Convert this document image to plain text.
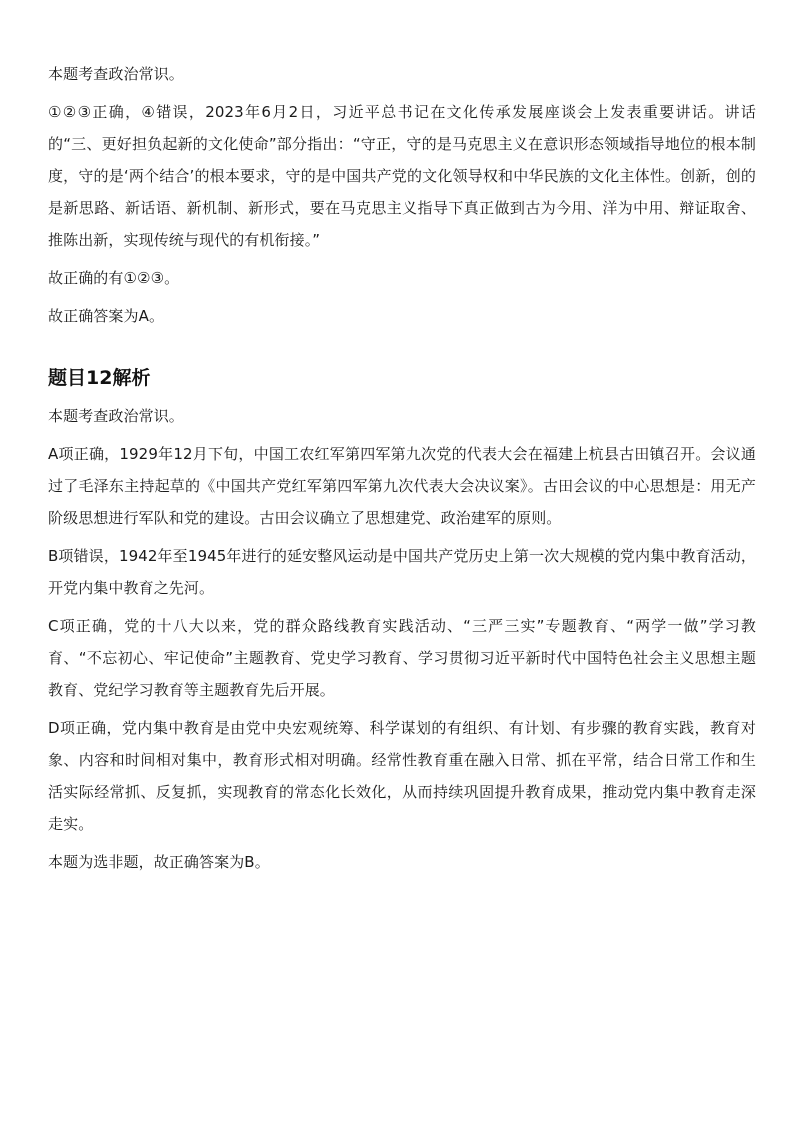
本题考查政治常识。

①②③正确，④错误，2023年6月2日，习近平总书记在文化传承发展座谈会上发表重要讲话。讲话的“三、更好担负起新的文化使命”部分指出：“守正，守的是马克思主义在意识形态领域指导地位的根本制度，守的是‘两个结合’的根本要求，守的是中国共产党的文化领导权和中华民族的文化主体性。创新，创的是新思路、新话语、新机制、新形式，要在马克思主义指导下真正做到古为今用、洋为中用、辩证取舍、推陈出新，实现传统与现代的有机衔接。”

故正确的有①②③。

故正确答案为A。

题目12解析

本题考查政治常识。

A项正确，1929年12月下旬，中国工农红军第四军第九次党的代表大会在福建上杭县古田镇召开。会议通过了毛泽东主持起草的《中国共产党红军第四军第九次代表大会决议案》。古田会议的中心思想是：用无产阶级思想进行军队和党的建设。古田会议确立了思想建党、政治建军的原则。

B项错误，1942年至1945年进行的延安整风运动是中国共产党历史上第一次大规模的党内集中教育活动，开党内集中教育之先河。

C项正确，党的十八大以来，党的群众路线教育实践活动、“三严三实”专题教育、“两学一做”学习教育、“不忘初心、牢记使命”主题教育、党史学习教育、学习贯彻习近平新时代中国特色社会主义思想主题教育、党纪学习教育等主题教育先后开展。

D项正确，党内集中教育是由党中央宏观统筹、科学谋划的有组织、有计划、有步骤的教育实践，教育对象、内容和时间相对集中，教育形式相对明确。经常性教育重在融入日常、抓在平常，结合日常工作和生活实际经常抓、反复抓，实现教育的常态化长效化，从而持续巩固提升教育成果，推动党内集中教育走深走实。

本题为选非题，故正确答案为B。
